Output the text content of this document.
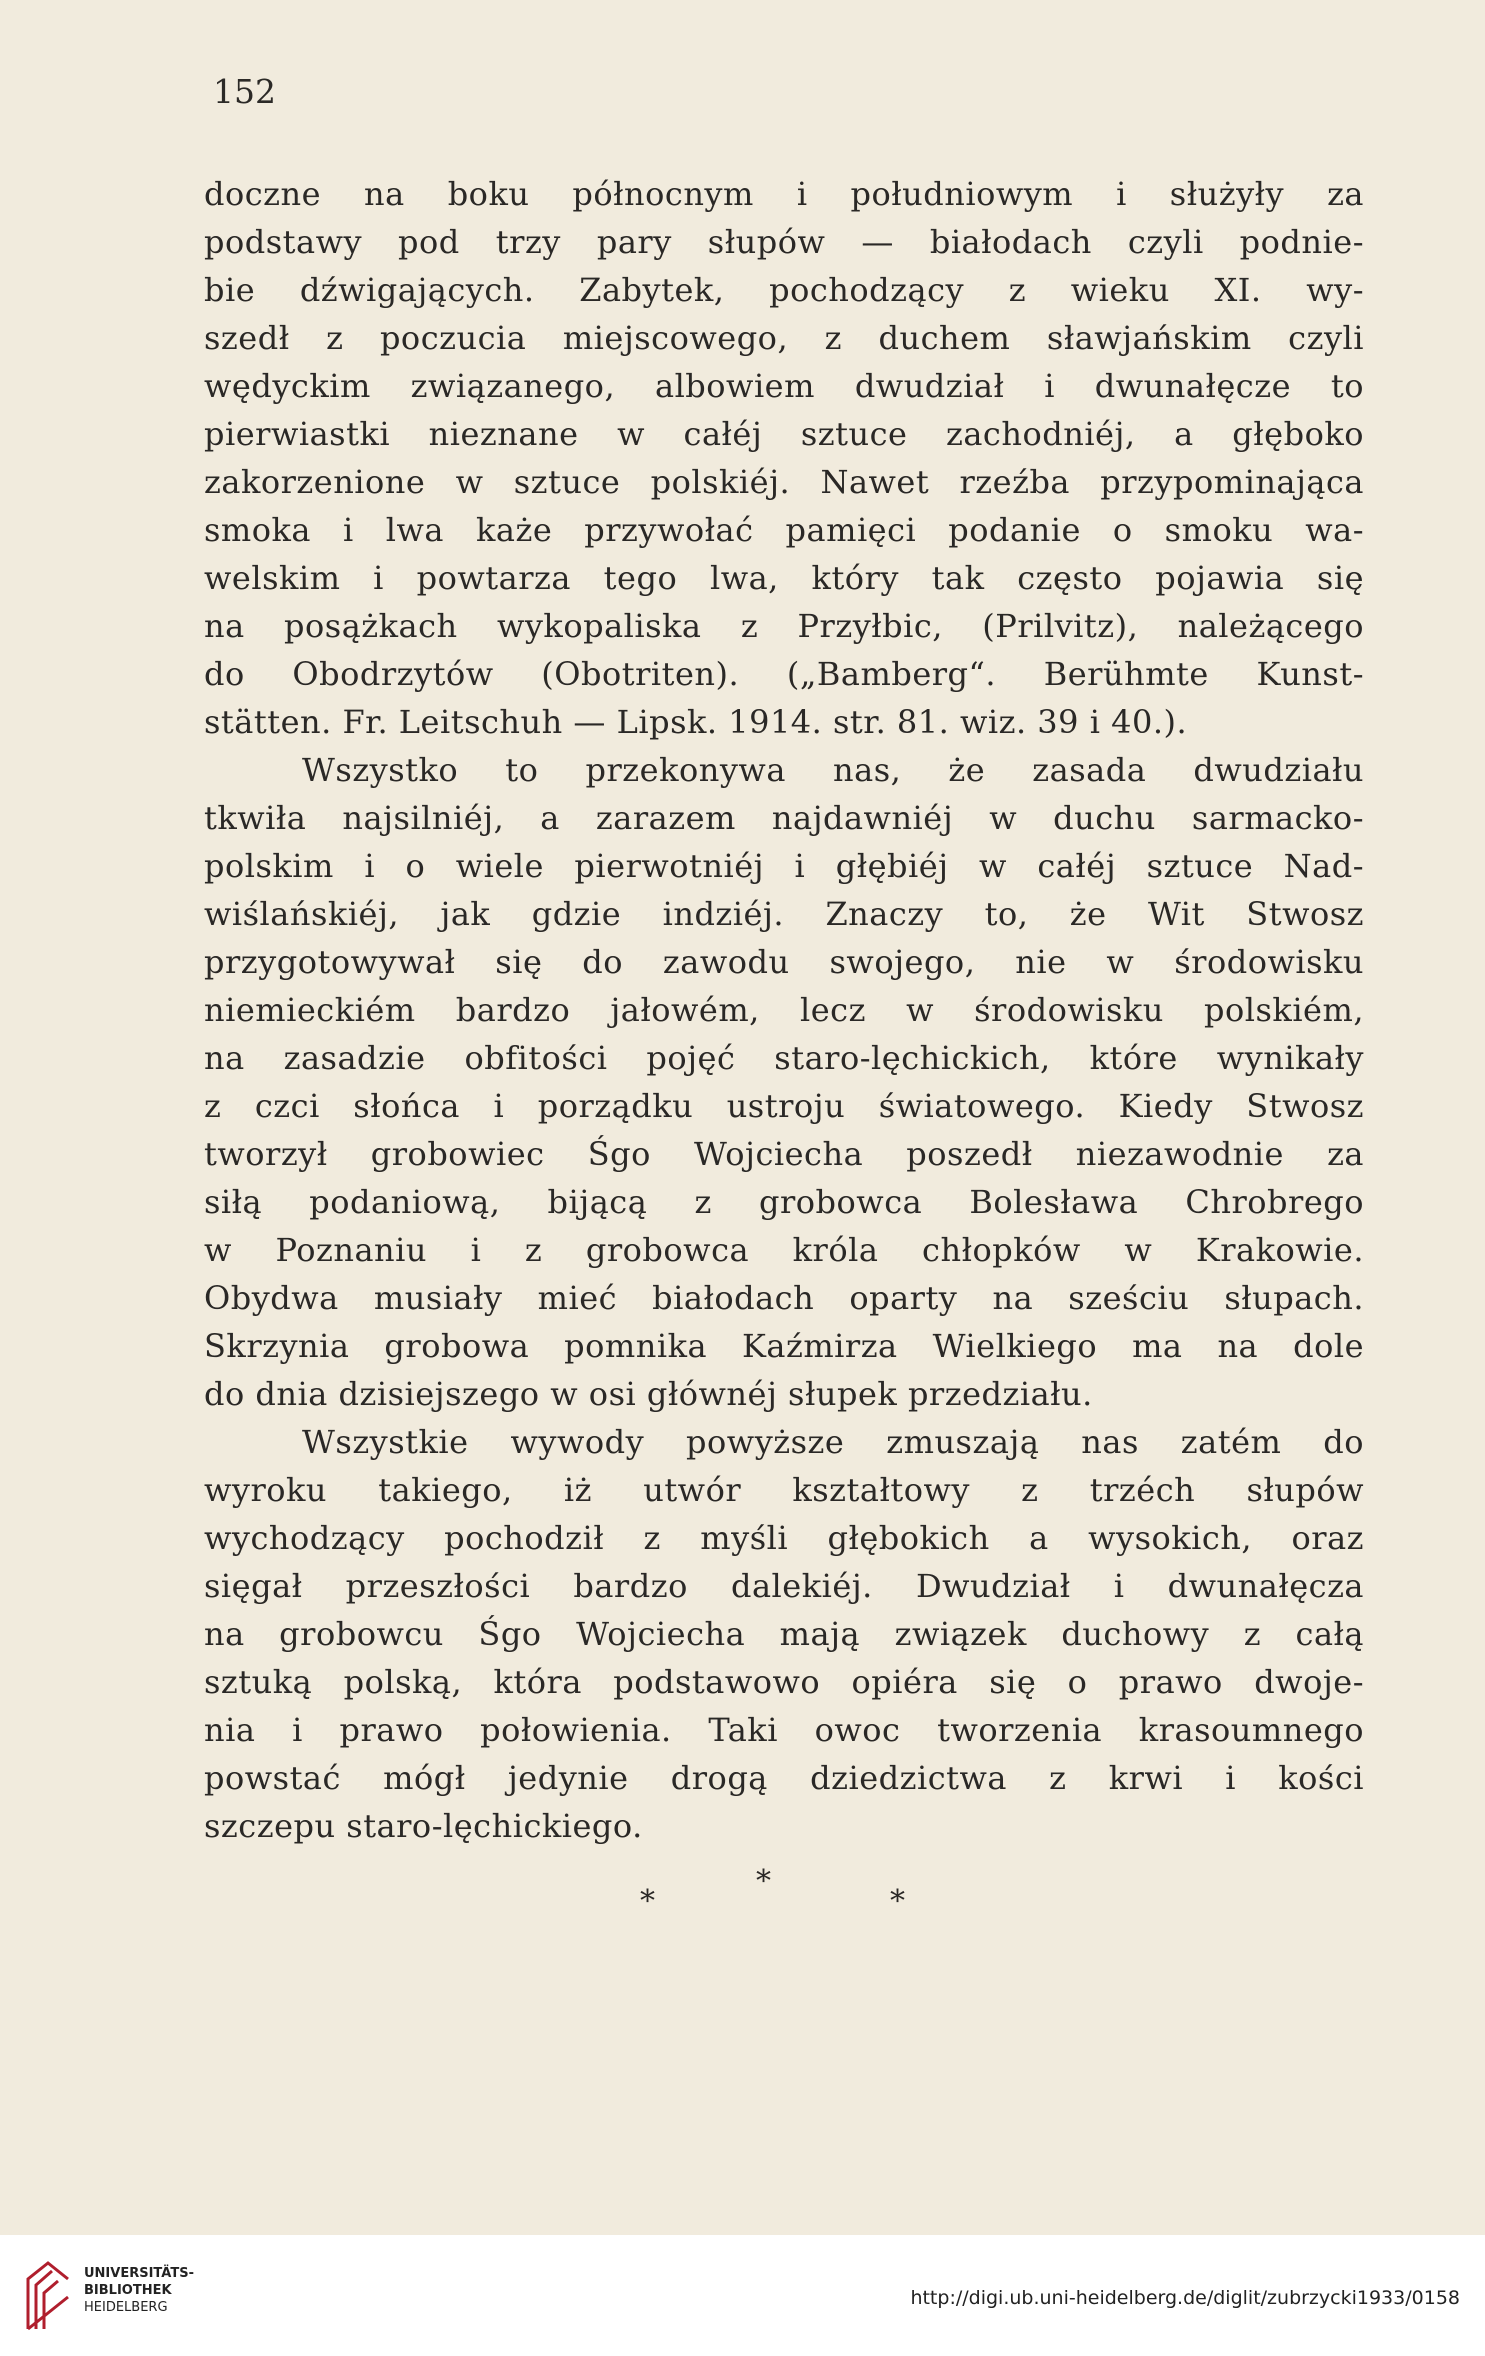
152
doczne na boku północnym i południowym i służyły za
podstawy pod trzy pary słupów — białodach czyli podnie-
bie dźwigających. Zabytek, pochodzący z wieku XI. wy-
szedł z poczucia miejscowego, z duchem sławjańskim czyli
wędyckim związanego, albowiem dwudział i dwunałęcze to
pierwiastki nieznane w całéj sztuce zachodniéj, a głęboko
zakorzenione w sztuce polskiéj. Nawet rzeźba przypominająca
smoka i lwa każe przywołać pamięci podanie o smoku wa-
welskim i powtarza tego lwa, który tak często pojawia się
na posążkach wykopaliska z Przyłbic, (Prilvitz), należącego
do Obodrzytów (Obotriten). („Bamberg“. Berühmte Kunst-
stätten. Fr. Leitschuh — Lipsk. 1914. str. 81. wiz. 39 i 40.).
Wszystko to przekonywa nas, że zasada dwudziału
tkwiła najsilniéj, a zarazem najdawniéj w duchu sarmacko-
polskim i o wiele pierwotniéj i głębiéj w całéj sztuce Nad-
wiślańskiéj, jak gdzie indziéj. Znaczy to, że Wit Stwosz
przygotowywał się do zawodu swojego, nie w środowisku
niemieckiém bardzo jałowém, lecz w środowisku polskiém,
na zasadzie obfitości pojęć staro-lęchickich, które wynikały
z czci słońca i porządku ustroju światowego. Kiedy Stwosz
tworzył grobowiec Śgo Wojciecha poszedł niezawodnie za
siłą podaniową, bijącą z grobowca Bolesława Chrobrego
w Poznaniu i z grobowca króla chłopków w Krakowie.
Obydwa musiały mieć białodach oparty na sześciu słupach.
Skrzynia grobowa pomnika Kaźmirza Wielkiego ma na dole
do dnia dzisiejszego w osi głównéj słupek przedziału.
Wszystkie wywody powyższe zmuszają nas zatém do
wyroku takiego, iż utwór kształtowy z trzéch słupów
wychodzący pochodził z myśli głębokich a wysokich, oraz
sięgał przeszłości bardzo dalekiéj. Dwudział i dwunałęcza
na grobowcu Śgo Wojciecha mają związek duchowy z całą
sztuką polską, która podstawowo opiéra się o prawo dwoje-
nia i prawo połowienia. Taki owoc tworzenia krasoumnego
powstać mógł jedynie drogą dziedzictwa z krwi i kości
szczepu staro-lęchickiego.
*
*
*
UNIVERSITÄTS-
BIBLIOTHEK
HEIDELBERG	http://digi.ub.uni-heidelberg.de/diglit/zubrzycki1933/0158
